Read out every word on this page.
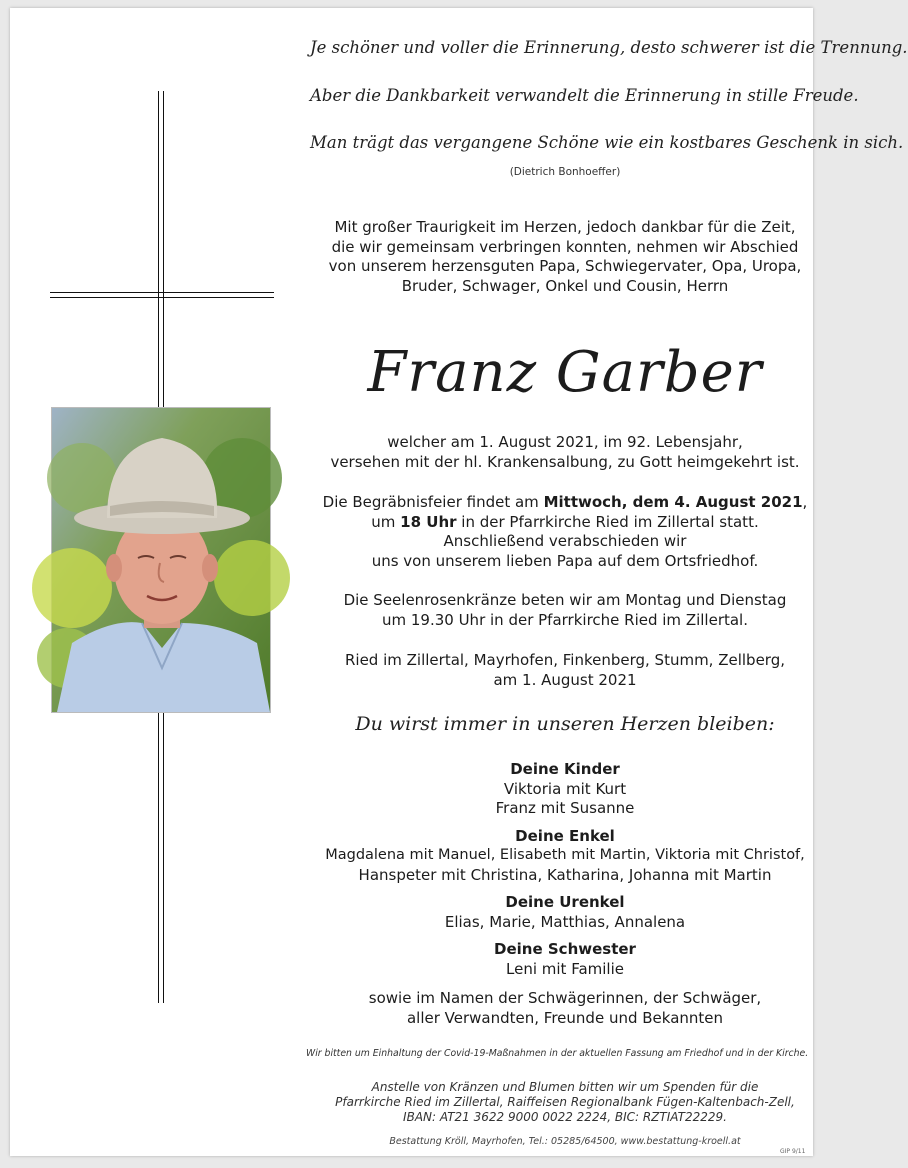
Je schöner und voller die Erinnerung, desto schwerer ist die Trennung.
Aber die Dankbarkeit verwandelt die Erinnerung in stille Freude.
Man trägt das vergangene Schöne wie ein kostbares Geschenk in sich.
(Dietrich Bonhoeffer)
Mit großer Traurigkeit im Herzen, jedoch dankbar für die Zeit,
die wir gemeinsam verbringen konnten, nehmen wir Abschied
von unserem herzensguten Papa, Schwiegervater, Opa, Uropa,
Bruder, Schwager, Onkel und Cousin, Herrn
Franz Garber
welcher am 1. August 2021, im 92. Lebensjahr,
versehen mit der hl. Krankensalbung, zu Gott heimgekehrt ist.
Die Begräbnisfeier findet am Mittwoch, dem 4. August 2021,
um 18 Uhr in der Pfarrkirche Ried im Zillertal statt.
Anschließend verabschieden wir
uns von unserem lieben Papa auf dem Ortsfriedhof.
Die Seelenrosenkränze beten wir am Montag und Dienstag
um 19.30 Uhr in der Pfarrkirche Ried im Zillertal.
Ried im Zillertal, Mayrhofen, Finkenberg, Stumm, Zellberg,
am 1. August 2021
Du wirst immer in unseren Herzen bleiben:
Deine Kinder
Viktoria mit Kurt
Franz mit Susanne
Deine Enkel
Magdalena mit Manuel, Elisabeth mit Martin, Viktoria mit Christof,
Hanspeter mit Christina, Katharina, Johanna mit Martin
Deine Urenkel
Elias, Marie, Matthias, Annalena
Deine Schwester
Leni mit Familie
sowie im Namen der Schwägerinnen, der Schwäger,
aller Verwandten, Freunde und Bekannten
Wir bitten um Einhaltung der Covid-19-Maßnahmen in der aktuellen Fassung am Friedhof und in der Kirche.
Anstelle von Kränzen und Blumen bitten wir um Spenden für die
Pfarrkirche Ried im Zillertal, Raiffeisen Regionalbank Fügen-Kaltenbach-Zell,
IBAN: AT21 3622 9000 0022 2224, BIC: RZTIAT22229.
Bestattung Kröll, Mayrhofen, Tel.: 05285/64500, www.bestattung-kroell.at
GIP 9/11
